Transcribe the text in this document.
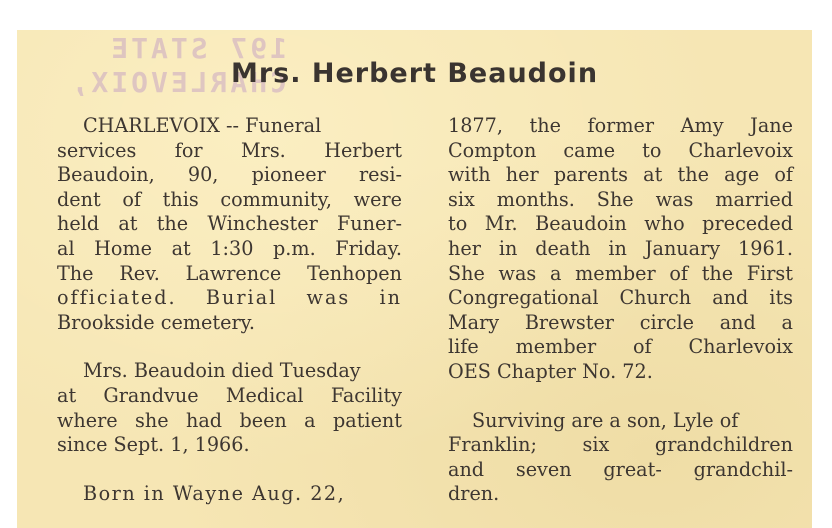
197 STATE
CHARLEVOIX,
Mrs. Herbert Beaudoin

CHARLEVOIX -- Funeral
services for Mrs. Herbert
Beaudoin, 90, pioneer resi-
dent of this community, were
held at the Winchester Funer-
al Home at 1:30 p.m. Friday.
The Rev. Lawrence Tenhopen
officiated. Burial was in
Brookside cemetery.

Mrs. Beaudoin died Tuesday
at Grandvue Medical Facility
where she had been a patient
since Sept. 1, 1966.

Born in Wayne Aug. 22,

1877, the former Amy Jane
Compton came to Charlevoix
with her parents at the age of
six months. She was married
to Mr. Beaudoin who preceded
her in death in January 1961.
She was a member of the First
Congregational Church and its
Mary Brewster circle and a
life member of Charlevoix
OES Chapter No. 72.

Surviving are a son, Lyle of
Franklin; six grandchildren
and seven great- grandchil-
dren.
